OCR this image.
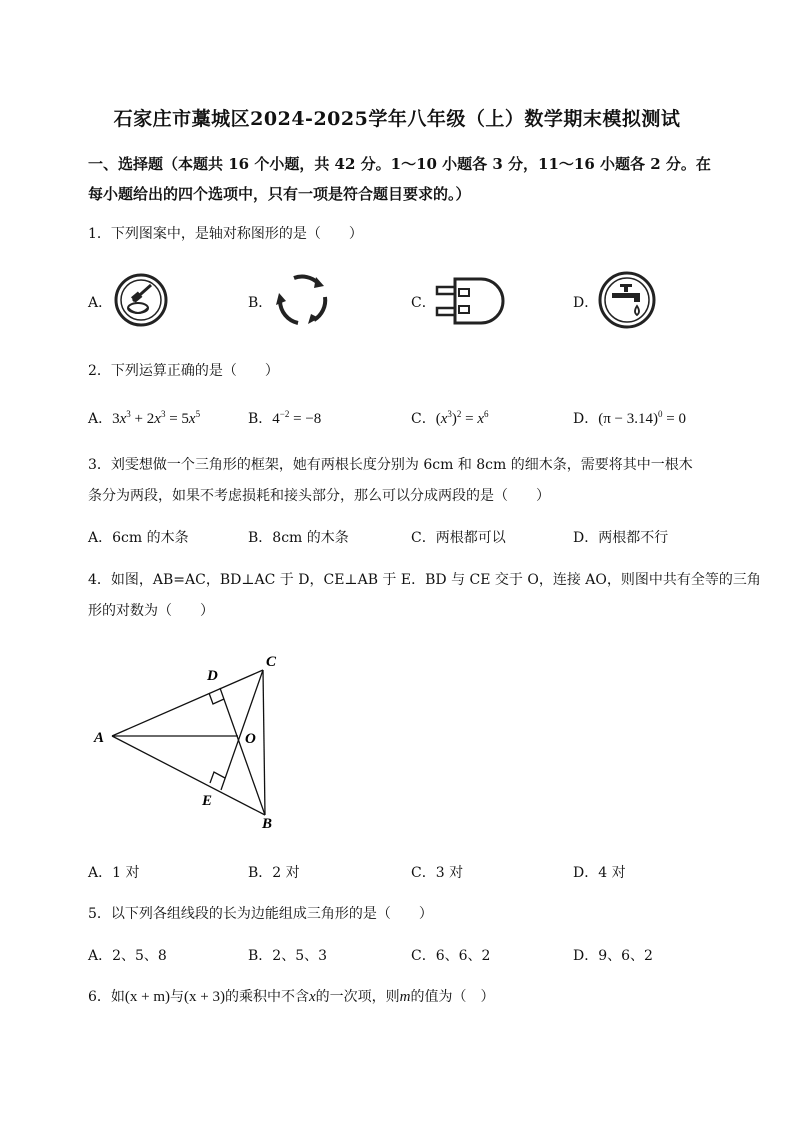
石家庄市藁城区2024-2025学年八年级（上）数学期末模拟测试
一、选择题（本题共 16 个小题，共 42 分。1～10 小题各 3 分，11～16 小题各 2 分。在
每小题给出的四个选项中，只有一项是符合题目要求的。）
1．下列图案中，是轴对称图形的是（　　）
A．	B．	C．	D．
2．下列运算正确的是（　　）
A．$3x^3 + 2x^3 = 5x^5$	B．$4^{-2} = -8$	C．$(x^3)^2 = x^6$	D．$(\pi - 3.14)^0 = 0$
3．刘雯想做一个三角形的框架，她有两根长度分别为 6cm 和 8cm 的细木条，需要将其中一根木
条分为两段，如果不考虑损耗和接头部分，那么可以分成两段的是（　　）
A．6cm 的木条	B．8cm 的木条	C．两根都可以	D．两根都不行
4．如图，AB=AC，BD⊥AC 于 D，CE⊥AB 于 E．BD 与 CE 交于 O，连接 AO，则图中共有全等的三角
形的对数为（　　）
A
C
D
O
E
B
A．1 对	B．2 对	C．3 对	D．4 对
5．以下列各组线段的长为边能组成三角形的是（　　）
A．2、5、8	B．2、5、3	C．6、6、2	D．9、6、2
6．如(x + m)与(x + 3)的乘积中不含x的一次项，则m的值为（　）
